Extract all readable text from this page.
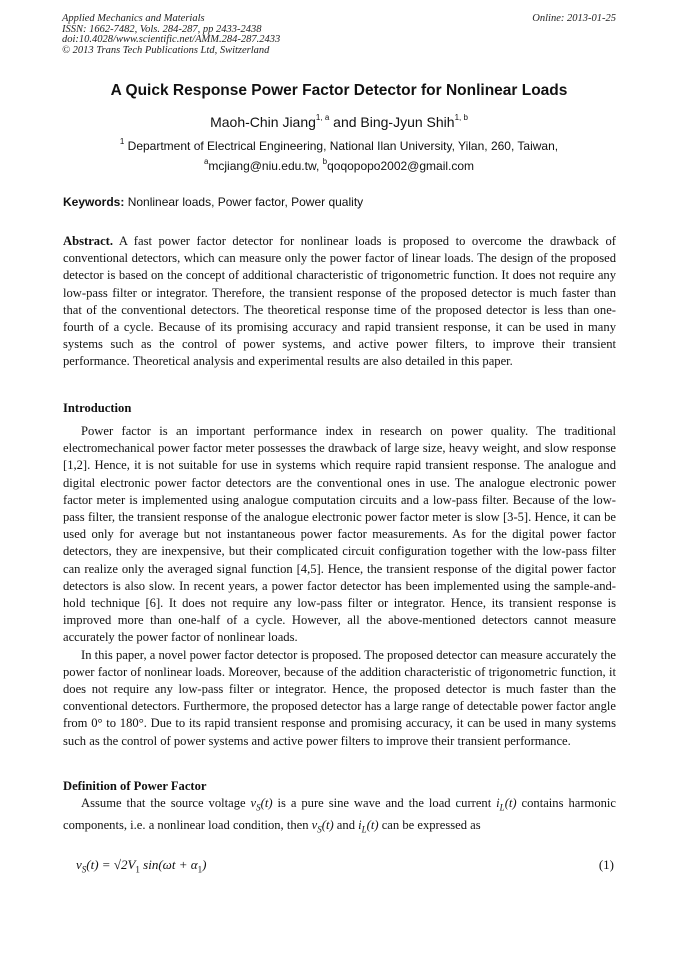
Applied Mechanics and Materials
ISSN: 1662-7482, Vols. 284-287, pp 2433-2438
doi:10.4028/www.scientific.net/AMM.284-287.2433
© 2013 Trans Tech Publications Ltd, Switzerland
Online: 2013-01-25
A Quick Response Power Factor Detector for Nonlinear Loads
Maoh-Chin Jiang$^{1, a}$ and Bing-Jyun Shih$^{1, b}$
$^1$ Department of Electrical Engineering, National Ilan University, Yilan, 260, Taiwan,
$^a$mcjiang@niu.edu.tw, $^b$qoqopopo2002@gmail.com
Keywords: Nonlinear loads, Power factor, Power quality
Abstract. A fast power factor detector for nonlinear loads is proposed to overcome the drawback of conventional detectors, which can measure only the power factor of linear loads. The design of the proposed detector is based on the concept of additional characteristic of trigonometric function. It does not require any low-pass filter or integrator. Therefore, the transient response of the proposed detector is much faster than that of the conventional detectors. The theoretical response time of the proposed detector is less than one-fourth of a cycle. Because of its promising accuracy and rapid transient response, it can be used in many systems such as the control of power systems, and active power filters, to improve their transient performance. Theoretical analysis and experimental results are also detailed in this paper.
Introduction

Power factor is an important performance index in research on power quality. The traditional electromechanical power factor meter possesses the drawback of large size, heavy weight, and slow response [1,2]. Hence, it is not suitable for use in systems which require rapid transient response. The analogue and digital electronic power factor detectors are the conventional ones in use. The analogue electronic power factor meter is implemented using analogue computation circuits and a low-pass filter. Because of the low-pass filter, the transient response of the analogue electronic power factor meter is slow [3-5]. Hence, it can be used only for average but not instantaneous power factor measurements. As for the digital power factor detectors, they are inexpensive, but their complicated circuit configuration together with the low-pass filter can realize only the averaged signal function [4,5]. Hence, the transient response of the digital power factor detectors is also slow. In recent years, a power factor detector has been implemented using the sample-and-hold technique [6]. It does not require any low-pass filter or integrator. Hence, its transient response is improved more than one-half of a cycle. However, all the above-mentioned detectors cannot measure accurately the power factor of nonlinear loads.

In this paper, a novel power factor detector is proposed. The proposed detector can measure accurately the power factor of nonlinear loads. Moreover, because of the addition characteristic of trigonometric function, it does not require any low-pass filter or integrator. Hence, the proposed detector is much faster than the conventional detectors. Furthermore, the proposed detector has a large range of detectable power factor angle from 0° to 180°. Due to its rapid transient response and promising accuracy, it can be used in many systems such as the control of power systems and active power filters to improve their transient performance.

Definition of Power Factor

Assume that the source voltage $v_S(t)$ is a pure sine wave and the load current $i_L(t)$ contains harmonic components, i.e. a nonlinear load condition, then $v_S(t)$ and $i_L(t)$ can be expressed as

$v_S(t) = √2V_1$ $\sin(\omega t + \alpha_1)$	(1)
